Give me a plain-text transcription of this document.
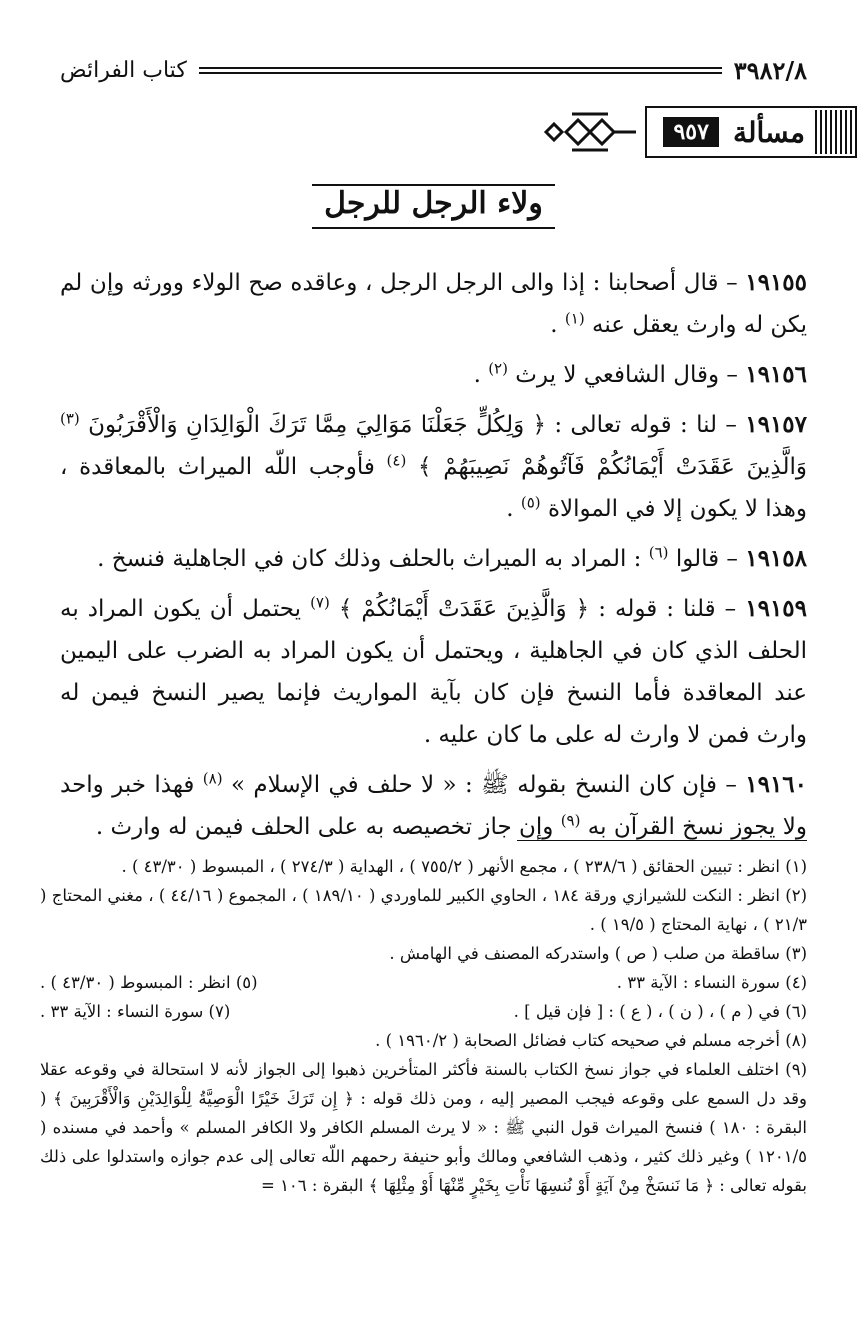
٣٩٨٢/٨
كتاب الفرائض
مسألة
٩٥٧
ولاء الرجل للرجل

١٩١٥٥ – قال أصحابنا : إذا والى الرجل الرجل ، وعاقده صح الولاء وورثه وإن لم يكن له وارث يعقل عنه $^{(١)}$ .

١٩١٥٦ – وقال الشافعي لا يرث $^{(٢)}$ .

١٩١٥٧ – لنا : قوله تعالى : ﴿ وَلِكُلٍّ جَعَلْنَا مَوَالِيَ مِمَّا تَرَكَ الْوَالِدَانِ وَالْأَقْرَبُونَ $^{(٣)}$ وَالَّذِينَ عَقَدَتْ أَيْمَانُكُمْ فَآتُوهُمْ نَصِيبَهُمْ ﴾ $^{(٤)}$ فأوجب اللّه الميراث بالمعاقدة ، وهذا لا يكون إلا في الموالاة $^{(٥)}$ .

١٩١٥٨ – قالوا $^{(٦)}$ : المراد به الميراث بالحلف وذلك كان في الجاهلية فنسخ .

١٩١٥٩ – قلنا : قوله : ﴿ وَالَّذِينَ عَقَدَتْ أَيْمَانُكُمْ ﴾ $^{(٧)}$ يحتمل أن يكون المراد به الحلف الذي كان في الجاهلية ، ويحتمل أن يكون المراد به الضرب على اليمين عند المعاقدة فأما النسخ فإن كان بآية المواريث فإنما يصير النسخ فيمن له وارث فمن لا وارث له على ما كان عليه .

١٩١٦٠ – فإن كان النسخ بقوله ﷺ : « لا حلف في الإسلام » $^{(٨)}$ فهذا خبر واحد ولا يجوز نسخ القرآن به $^{(٩)}$ وإن جاز تخصيصه به على الحلف فيمن له وارث .

(١) انظر : تبيين الحقائق ( ٢٣٨/٦ ) ، مجمع الأنهر ( ٧٥٥/٢ ) ، الهداية ( ٢٧٤/٣ ) ، المبسوط ( ٤٣/٣٠ ) .

(٢) انظر : النكت للشيرازي ورقة ١٨٤ ، الحاوي الكبير للماوردي ( ١٨٩/١٠ ) ، المجموع ( ٤٤/١٦ ) ، مغني المحتاج ( ٢١/٣ ) ، نهاية المحتاج ( ١٩/٥ ) .

(٣) ساقطة من صلب ( ص ) واستدركه المصنف في الهامش .

(٤) سورة النساء : الآية ٣٣ .
(٥) انظر : المبسوط ( ٤٣/٣٠ ) .
(٦) في ( م ) ، ( ن ) ، ( ع ) : [ فإن قيل ] .
(٧) سورة النساء : الآية ٣٣ .

(٨) أخرجه مسلم في صحيحه كتاب فضائل الصحابة ( ١٩٦٠/٢ ) .

(٩) اختلف العلماء في جواز نسخ الكتاب بالسنة فأكثر المتأخرين ذهبوا إلى الجواز لأنه لا استحالة في وقوعه عقلا وقد دل السمع على وقوعه فيجب المصير إليه ، ومن ذلك قوله : ﴿ إِن تَرَكَ خَيْرًا الْوَصِيَّةُ لِلْوَالِدَيْنِ وَالْأَقْرَبِينَ ﴾ ( البقرة : ١٨٠ ) فنسخ الميراث قول النبي ﷺ : « لا يرث المسلم الكافر ولا الكافر المسلم » وأحمد في مسنده ( ١٢٠١/٥ ) وغير ذلك كثير ، وذهب الشافعي ومالك وأبو حنيفة رحمهم اللّه تعالى إلى عدم جوازه واستدلوا على ذلك بقوله تعالى : ﴿ مَا نَنسَخْ مِنْ آيَةٍ أَوْ نُنسِهَا نَأْتِ بِخَيْرٍ مِّنْهَا أَوْ مِثْلِهَا ﴾ البقرة : ١٠٦ =
